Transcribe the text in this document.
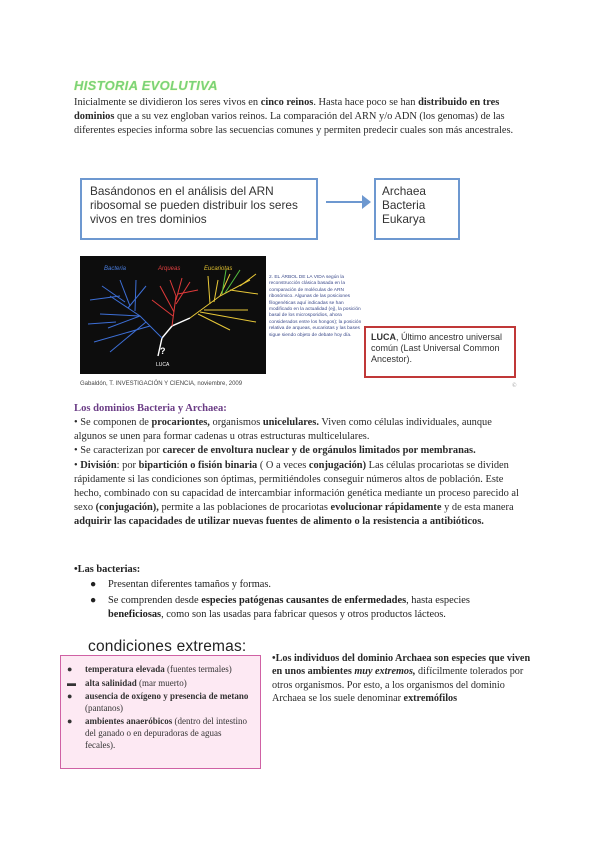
HISTORIA EVOLUTIVA
Inicialmente se dividieron los seres vivos en cinco reinos. Hasta hace poco se han distribuido en tres dominios que a su vez engloban varios reinos. La comparación del ARN y/o ADN (los genomas) de las diferentes especies informa sobre las secuencias comunes y permiten predecir cuales son más ancestrales.
Basándonos en el análisis del ARN ribosomal se pueden distribuir los seres vivos en tres dominios
Archaea
Bacteria
Eukarya
Bacteria	Arqueas	Eucariotas
?
LUCA
2. EL ÁRBOL DE LA VIDA según la reconstrucción clásica basada en la comparación de moléculas de ARN ribosómico. Algunas de las posiciones filogenéticas aquí indicadas se han modificado en la actualidad (ej), la posición basal de los microsporidios, ahora considerados entre los hongos); la posición relativa de arqueas, eucariotas y las bases sigue siendo objeto de debate hoy día.	LUCA, Último ancestro universal común (Last Universal Common Ancestor).
Gabaldón, T. INVESTIGACIÓN Y CIENCIA, noviembre, 2009	©
Los dominios Bacteria y Archaea:

• Se componen de procariontes, organismos unicelulares. Viven como células individuales, aunque algunos se unen para formar cadenas u otras estructuras multicelulares.

• Se caracterizan por carecer de envoltura nuclear y de orgánulos limitados por membranas.

• División: por bipartición o fisión binaria ( O a veces conjugación) Las células procariotas se dividen rápidamente si las condiciones son óptimas, permitiéndoles conseguir números altos de población. Este hecho, combinado con su capacidad de intercambiar información genética mediante un proceso parecido al sexo (conjugación), permite a las poblaciones de procariotas evolucionar rápidamente y de esta manera adquirir las capacidades de utilizar nuevas fuentes de alimento o la resistencia a antibióticos.

•Las bacterias:
● Presentan diferentes tamaños y formas.
● Se comprenden desde especies patógenas causantes de enfermedades, hasta especies beneficiosas, como son las usadas para fabricar quesos y otros productos lácteos.
condiciones extremas:
● temperatura elevada (fuentes termales)
▬ alta salinidad (mar muerto)
● ausencia de oxígeno y presencia de metano (pantanos)
● ambientes anaeróbicos (dentro del intestino del ganado o en depuradoras de aguas fecales).
•Los individuos del dominio Archaea son especies que viven en unos ambientes muy extremos, difícilmente tolerados por otros organismos. Por esto, a los organismos del dominio Archaea se los suele denominar extremófilos
